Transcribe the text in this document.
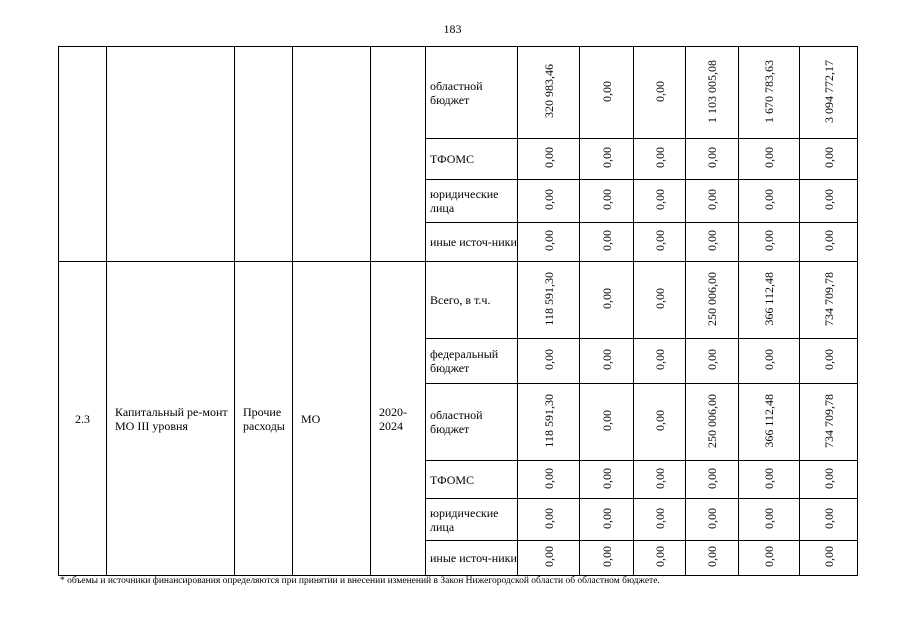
183
					областной бюджет	320 983,46	0,00	0,00	1 103 005,08	1 670 783,63	3 094 772,17
					ТФОМС	0,00	0,00	0,00	0,00	0,00	0,00
					юридические лица	0,00	0,00	0,00	0,00	0,00	0,00
					иные источ-ники	0,00	0,00	0,00	0,00	0,00	0,00
2.3	Капитальный ре-монт МО III уровня	Прочие расходы	МО	2020-2024	Всего, в т.ч.	118 591,30	0,00	0,00	250 006,00	366 112,48	734 709,78
					федеральный бюджет	0,00	0,00	0,00	0,00	0,00	0,00
					областной бюджет	118 591,30	0,00	0,00	250 006,00	366 112,48	734 709,78
					ТФОМС	0,00	0,00	0,00	0,00	0,00	0,00
					юридические лица	0,00	0,00	0,00	0,00	0,00	0,00
					иные источ-ники	0,00	0,00	0,00	0,00	0,00	0,00
* объемы и источники финансирования определяются при принятии и внесении изменений в Закон Нижегородской области об областном бюджете.
